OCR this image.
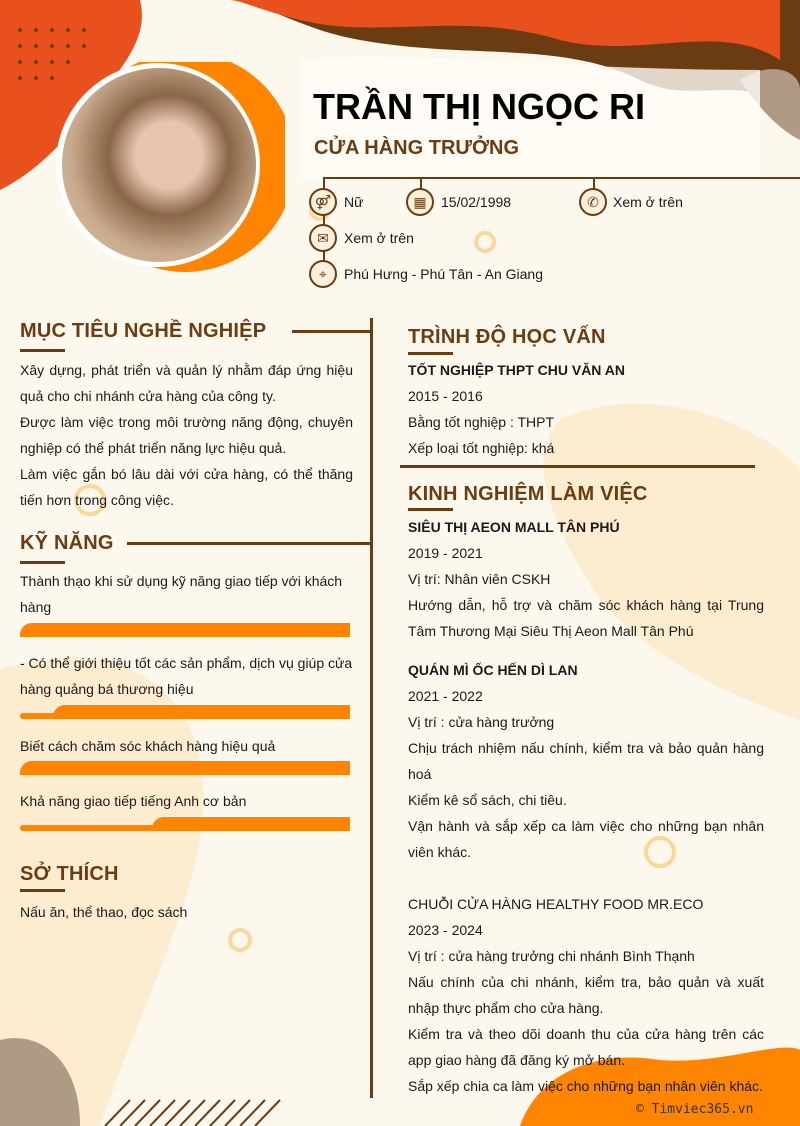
TRẦN THỊ NGỌC RI
CỬA HÀNG TRƯỞNG
⚤ Nữ	▦	15/02/1998	✆	Xem ở trên
✉	Xem ở trên
⌖	Phú Hưng - Phú Tân - An Giang
MỤC TIÊU NGHỀ NGHIỆP
Xây dựng, phát triển và quản lý nhằm đáp ứng hiệu quả cho chi nhánh cửa hàng của công ty.
Được làm việc trong môi trường năng động, chuyên nghiệp có thể phát triển năng lực hiệu quả.
Làm việc gắn bó lâu dài với cửa hàng, có thể thăng tiến hơn trong công việc.
KỸ NĂNG
Thành thạo khi sử dụng kỹ năng giao tiếp với khách hàng
- Có thể giới thiệu tốt các sản phẩm, dịch vụ giúp cửa hàng quảng bá thương hiệu
Biết cách chăm sóc khách hàng hiệu quả
Khả năng giao tiếp tiếng Anh cơ bản
SỞ THÍCH
Nấu ăn, thể thao, đọc sách
TRÌNH ĐỘ HỌC VẤN
TỐT NGHIỆP THPT CHU VĂN AN
2015 - 2016
Bằng tốt nghiệp : THPT
Xếp loại tốt nghiệp: khá
KINH NGHIỆM LÀM VIỆC
SIÊU THỊ AEON MALL TÂN PHÚ
2019 - 2021
Vị trí: Nhân viên CSKH
Hướng dẫn, hỗ trợ và chăm sóc khách hàng tại Trung Tâm Thương Mại Siêu Thị Aeon Mall Tân Phú
QUÁN MÌ ỐC HẾN DÌ LAN
2021 - 2022
Vị trí : cửa hàng trưởng
Chịu trách nhiệm nấu chính, kiểm tra và bảo quản hàng hoá
Kiểm kê sổ sách, chi tiêu.
Vận hành và sắp xếp ca làm việc cho những bạn nhân viên khác.
CHUỖI CỬA HÀNG HEALTHY FOOD MR.ECO
2023 - 2024
Vị trí : cửa hàng trưởng chi nhánh Bình Thạnh
Nấu chính của chi nhánh, kiểm tra, bảo quản và xuất nhập thực phẩm cho cửa hàng.
Kiểm tra và theo dõi doanh thu của cửa hàng trên các app giao hàng đã đăng ký mở bán.
Sắp xếp chia ca làm việc cho những bạn nhân viên khác.
© Timviec365.vn
